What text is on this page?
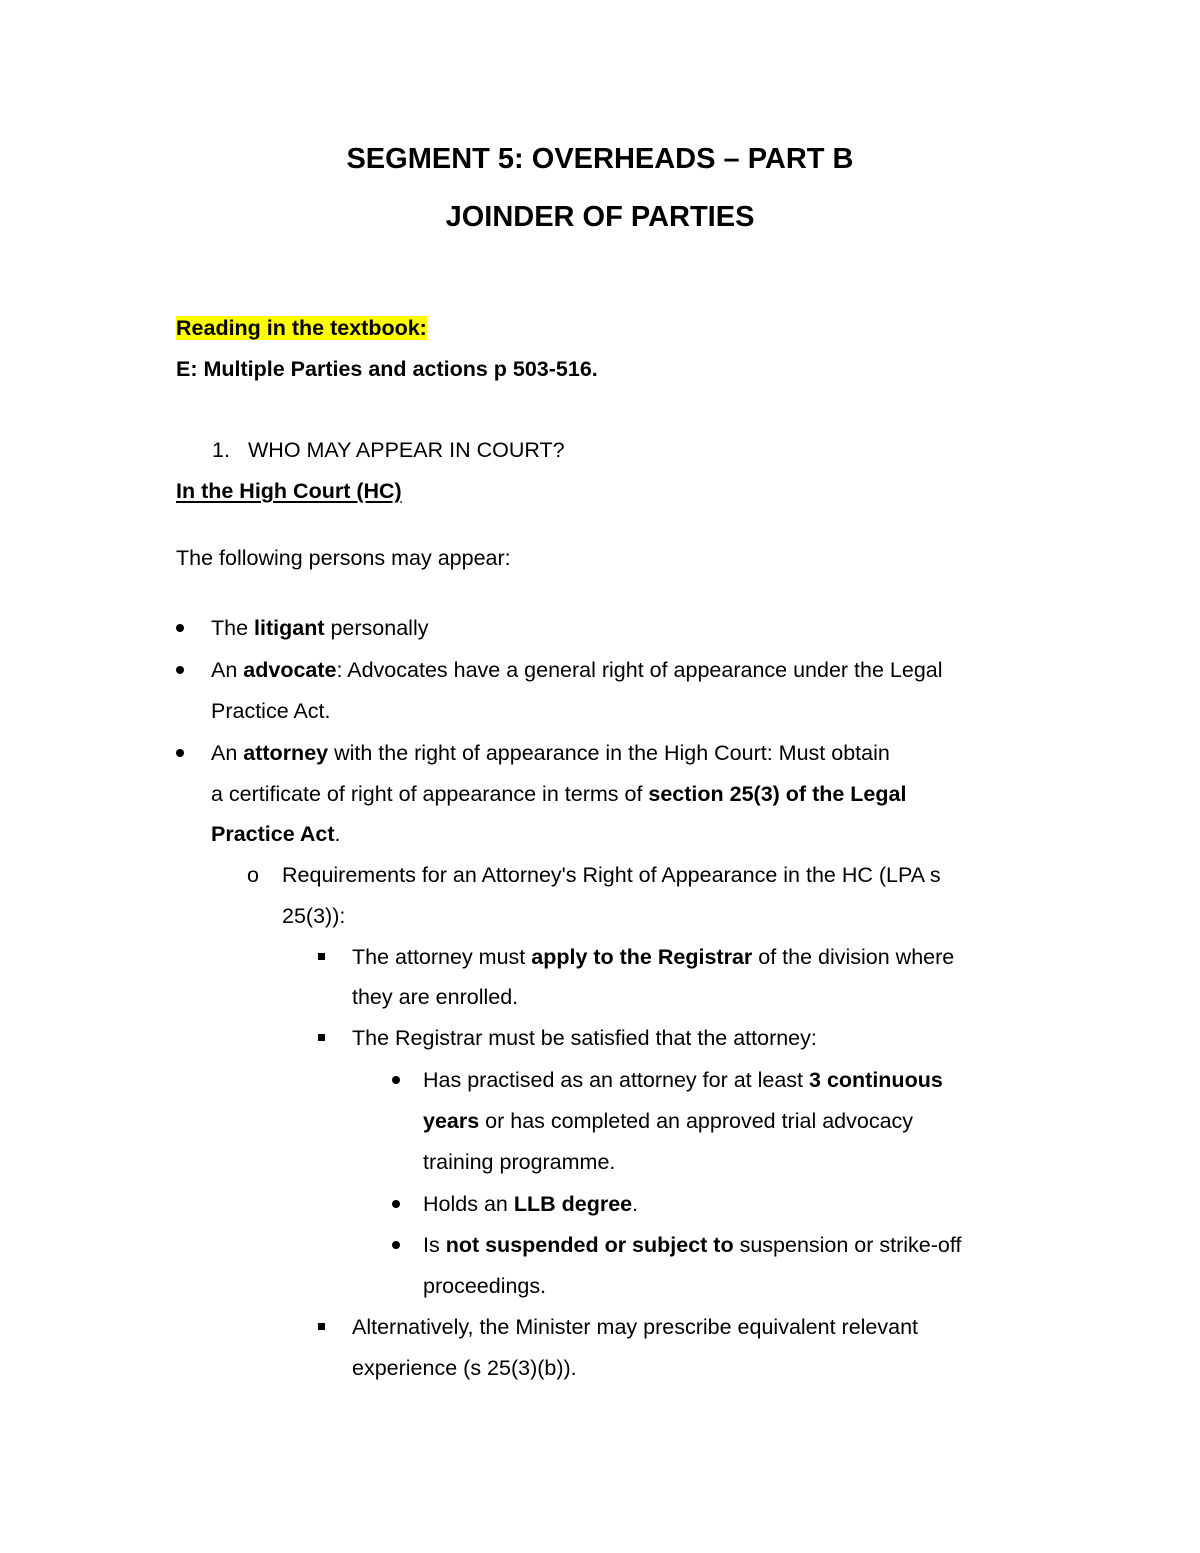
SEGMENT 5: OVERHEADS – PART B
JOINDER OF PARTIES
Reading in the textbook:
E: Multiple Parties and actions p 503-516.
1. WHO MAY APPEAR IN COURT?
In the High Court (HC)
The following persons may appear:
The litigant personally
An advocate: Advocates have a general right of appearance under the Legal
Practice Act.
An attorney with the right of appearance in the High Court: Must obtain
a certificate of right of appearance in terms of section 25(3) of the Legal
Practice Act.
o Requirements for an Attorney's Right of Appearance in the HC (LPA s
25(3)):
The attorney must apply to the Registrar of the division where
they are enrolled.
The Registrar must be satisfied that the attorney:
Has practised as an attorney for at least 3 continuous
years or has completed an approved trial advocacy
training programme.
Holds an LLB degree.
Is not suspended or subject to suspension or strike-off
proceedings.
Alternatively, the Minister may prescribe equivalent relevant
experience (s 25(3)(b)).
